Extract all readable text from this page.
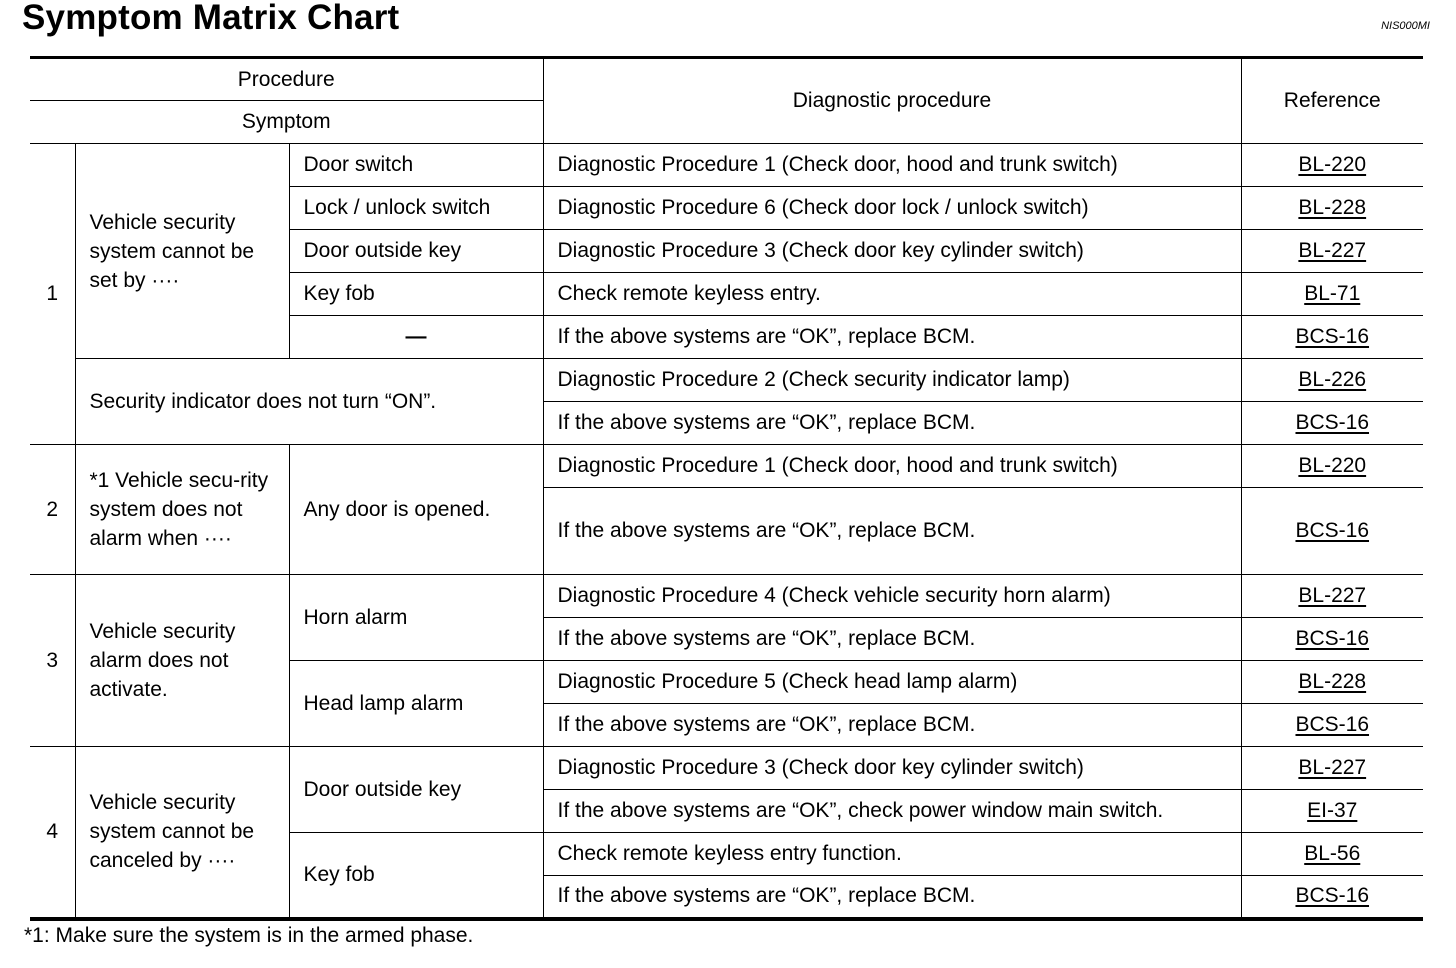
Symptom Matrix Chart	NIS000MI
Procedure			Diagnostic procedure	Reference
Symptom				
1	Vehicle security system cannot be set by ····	Door switch	Diagnostic Procedure 1 (Check door, hood and trunk switch)	BL-220
		Lock / unlock switch	Diagnostic Procedure 6 (Check door lock / unlock switch)	BL-228
		Door outside key	Diagnostic Procedure 3 (Check door key cylinder switch)	BL-227
		Key fob	Check remote keyless entry.	BL-71
		—	If the above systems are “OK”, replace BCM.	BCS-16
	Security indicator does not turn “ON”.		Diagnostic Procedure 2 (Check security indicator lamp)	BL-226
			If the above systems are “OK”, replace BCM.	BCS-16
2	*1 Vehicle secu-rity system does not alarm when ····	Any door is opened.	Diagnostic Procedure 1 (Check door, hood and trunk switch)	BL-220
			If the above systems are “OK”, replace BCM.	BCS-16
3	Vehicle security alarm does not activate.	Horn alarm	Diagnostic Procedure 4 (Check vehicle security horn alarm)	BL-227
			If the above systems are “OK”, replace BCM.	BCS-16
		Head lamp alarm	Diagnostic Procedure 5 (Check head lamp alarm)	BL-228
			If the above systems are “OK”, replace BCM.	BCS-16
4	Vehicle security system cannot be canceled by ····	Door outside key	Diagnostic Procedure 3 (Check door key cylinder switch)	BL-227
			If the above systems are “OK”, check power window main switch.	EI-37
		Key fob	Check remote keyless entry function.	BL-56
			If the above systems are “OK”, replace BCM.	BCS-16
*1: Make sure the system is in the armed phase.
